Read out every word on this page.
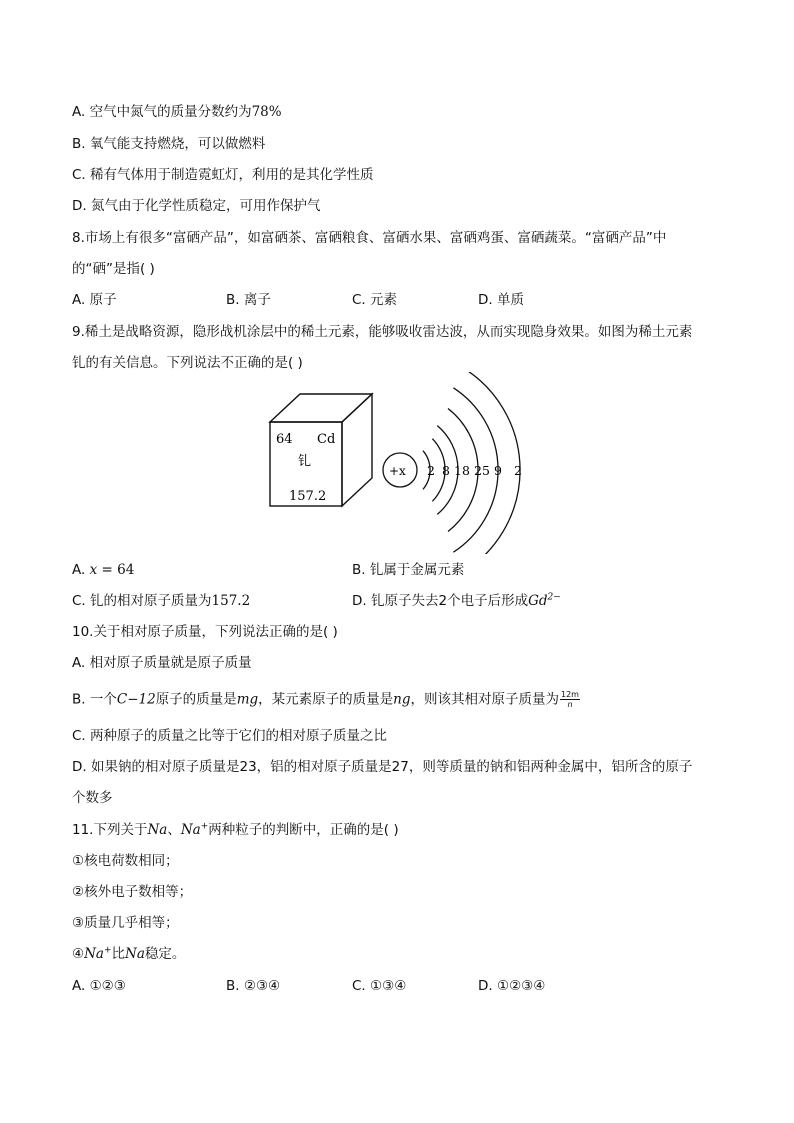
A. 空气中氮气的质量分数约为78%
B. 氧气能支持燃烧，可以做燃料
C. 稀有气体用于制造霓虹灯，利用的是其化学性质
D. 氮气由于化学性质稳定，可用作保护气
8.市场上有很多“富硒产品”，如富硒茶、富硒粮食、富硒水果、富硒鸡蛋、富硒蔬菜。“富硒产品”中
的“硒”是指( )
A. 原子	B. 离子	C. 元素	D. 单质
9.稀土是战略资源，隐形战机涂层中的稀土元素，能够吸收雷达波，从而实现隐身效果。如图为稀土元素
钆的有关信息。下列说法不正确的是( )
64 Cd
钆
157.2
+x 2 8 18 25 9 2
A. x = 64	B. 钆属于金属元素
C. 钆的相对原子质量为157.2	D. 钆原子失去2个电子后形成$Gd^{2-}$
10.关于相对原子质量，下列说法正确的是( )
A. 相对原子质量就是原子质量
B. 一个C−12原子的质量是mg，某元素原子的质量是ng，则该其相对原子质量为 $\frac{12m}{n}$
C. 两种原子的质量之比等于它们的相对原子质量之比
D. 如果钠的相对原子质量是23，铝的相对原子质量是27，则等质量的钠和铝两种金属中，铝所含的原子
个数多
11.下列关于Na、Na+两种粒子的判断中，正确的是( )
①核电荷数相同；
②核外电子数相等；
③质量几乎相等；
④Na+比Na稳定。
A. ①②③	B. ②③④	C. ①③④	D. ①②③④
